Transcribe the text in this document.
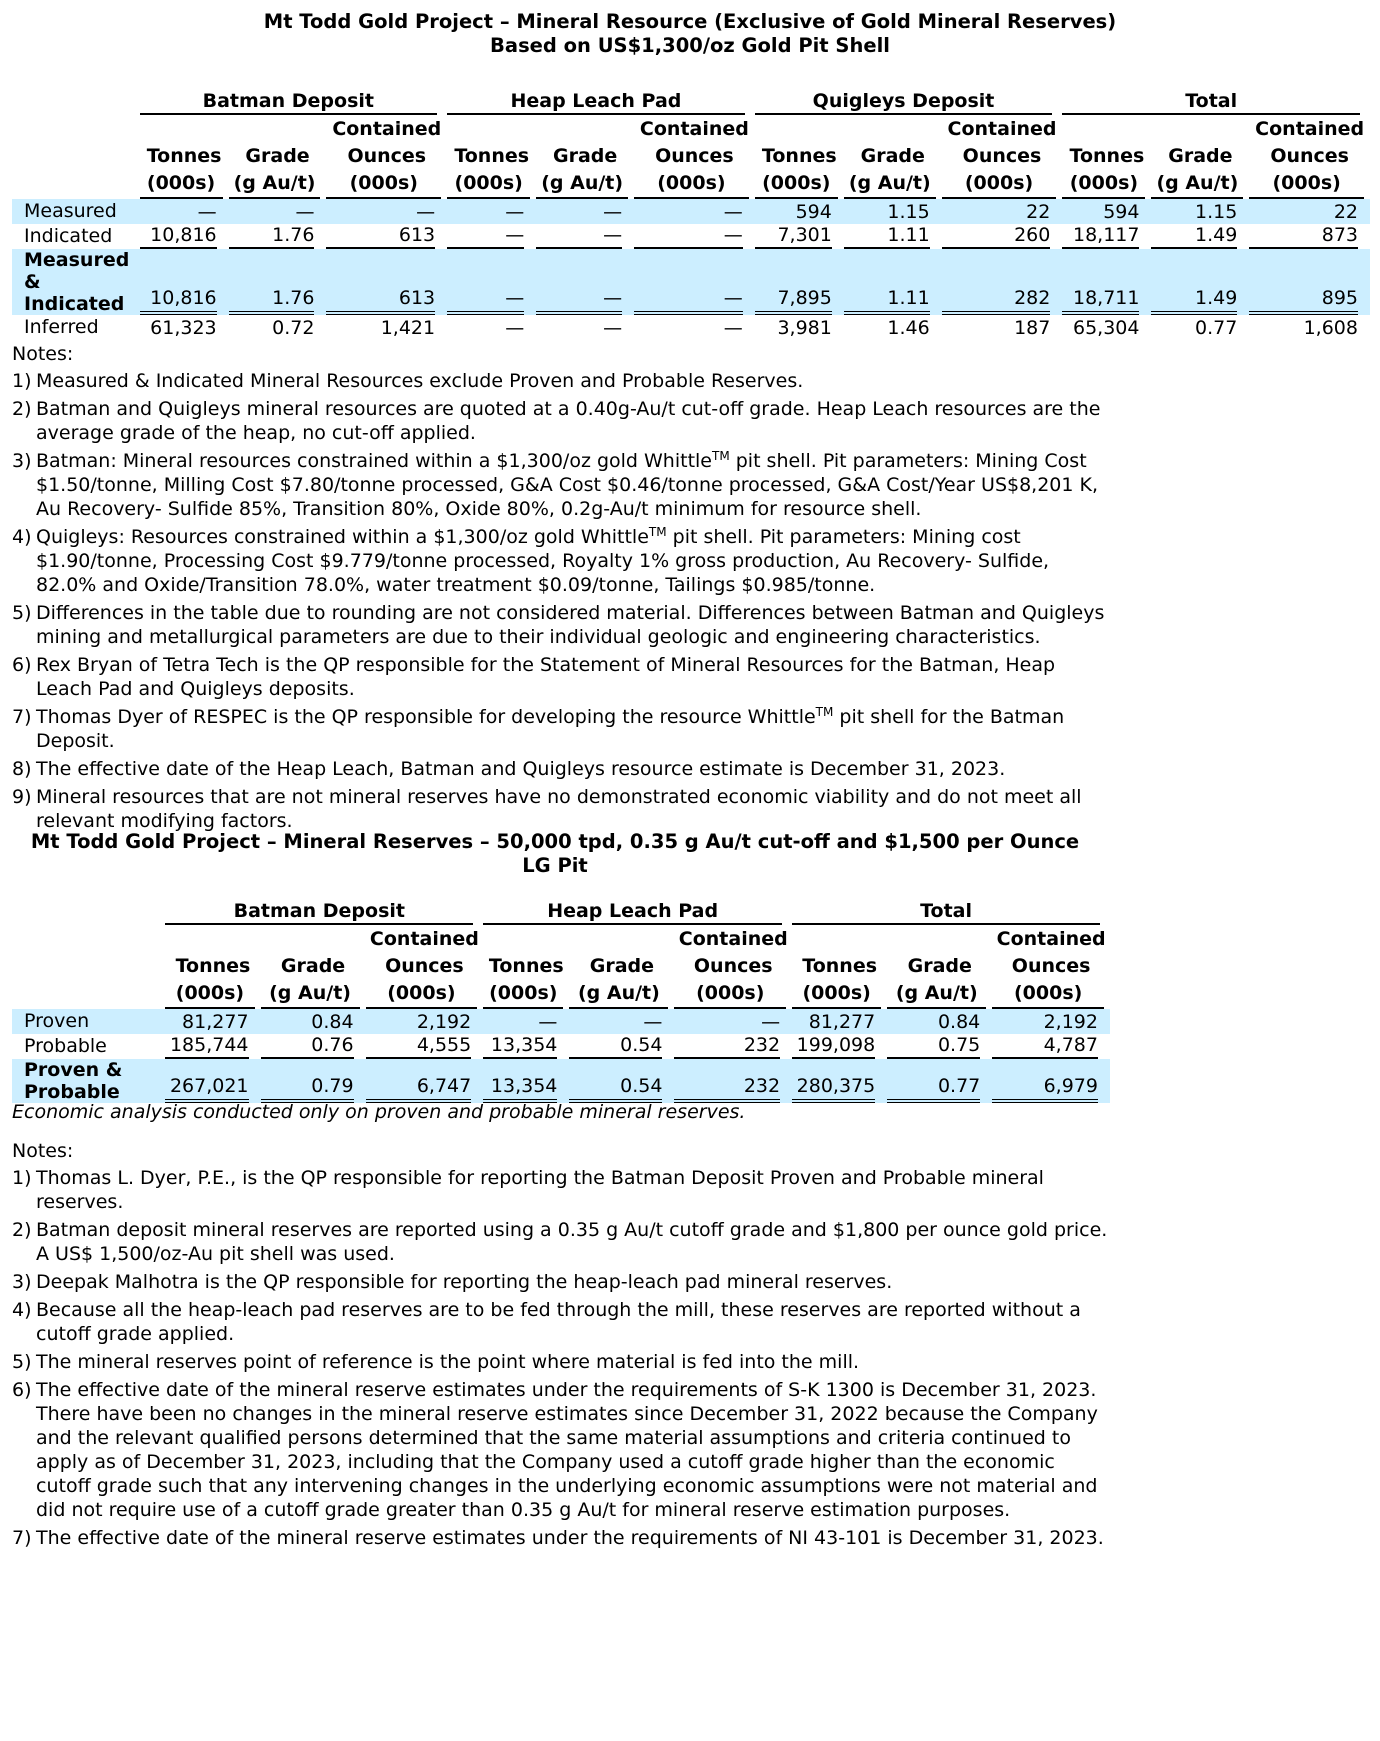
Mt Todd Gold Project – Mineral Resource (Exclusive of Gold Mineral Reserves)
Based on US$1,300/oz Gold Pit Shell

	Batman Deposit			Heap Leach Pad			Quigleys Deposit			Total		

			Contained			Contained			Contained			Contained
	Tonnes	Grade	Ounces	Tonnes	Grade	Ounces	Tonnes	Grade	Ounces	Tonnes	Grade	Ounces

	(000s)	(g Au/t)	(000s)	(000s)	(g Au/t)	(000s)	(000s)	(g Au/t)	(000s)	(000s)	(g Au/t)	(000s)

Measured	—	—	—	—	—	—	594	1.15	22	594	1.15	22

Indicated	10,816	1.76	613	—	—	—	7,301	1.11	260	18,117	1.49	873

Measured
&
Indicated	10,816	1.76	613	—	—	—	7,895	1.11	282	18,711	1.49	895

Inferred	61,323	0.72	1,421	—	—	—	3,981	1.46	187	65,304	0.77	1,608
Notes:
1) Measured & Indicated Mineral Resources exclude Proven and Probable Reserves.
2) Batman and Quigleys mineral resources are quoted at a 0.40g-Au/t cut-off grade. Heap Leach resources are the average grade of the heap, no cut-off applied.
3) Batman: Mineral resources constrained within a $1,300/oz gold Whittle™ pit shell. Pit parameters: Mining Cost $1.50/tonne, Milling Cost $7.80/tonne processed, G&A Cost $0.46/tonne processed, G&A Cost/Year US$8,201 K, Au Recovery- Sulfide 85%, Transition 80%, Oxide 80%, 0.2g-Au/t minimum for resource shell.
4) Quigleys: Resources constrained within a $1,300/oz gold Whittle™ pit shell. Pit parameters: Mining cost $1.90/tonne, Processing Cost $9.779/tonne processed, Royalty 1% gross production, Au Recovery- Sulfide, 82.0% and Oxide/Transition 78.0%, water treatment $0.09/tonne, Tailings $0.985/tonne.
5) Differences in the table due to rounding are not considered material. Differences between Batman and Quigleys mining and metallurgical parameters are due to their individual geologic and engineering characteristics.
6) Rex Bryan of Tetra Tech is the QP responsible for the Statement of Mineral Resources for the Batman, Heap Leach Pad and Quigleys deposits.
7) Thomas Dyer of RESPEC is the QP responsible for developing the resource Whittle™ pit shell for the Batman Deposit.
8) The effective date of the Heap Leach, Batman and Quigleys resource estimate is December 31, 2023.
9) Mineral resources that are not mineral reserves have no demonstrated economic viability and do not meet all relevant modifying factors.
Mt Todd Gold Project – Mineral Reserves – 50,000 tpd, 0.35 g Au/t cut-off and $1,500 per Ounce
LG Pit

	Batman Deposit			Heap Leach Pad			Total		

			Contained			Contained			Contained
	Tonnes	Grade	Ounces	Tonnes	Grade	Ounces	Tonnes	Grade	Ounces

	(000s)	(g Au/t)	(000s)	(000s)	(g Au/t)	(000s)	(000s)	(g Au/t)	(000s)

Proven	81,277	0.84	2,192	—	—	—	81,277	0.84	2,192

Probable	185,744	0.76	4,555	13,354	0.54	232	199,098	0.75	4,787

Proven &
Probable	267,021	0.79	6,747	13,354	0.54	232	280,375	0.77	6,979
Economic analysis conducted only on proven and probable mineral reserves.
Notes:
1) Thomas L. Dyer, P.E., is the QP responsible for reporting the Batman Deposit Proven and Probable mineral reserves.
2) Batman deposit mineral reserves are reported using a 0.35 g Au/t cutoff grade and $1,800 per ounce gold price. A US$ 1,500/oz-Au pit shell was used.
3) Deepak Malhotra is the QP responsible for reporting the heap-leach pad mineral reserves.
4) Because all the heap-leach pad reserves are to be fed through the mill, these reserves are reported without a cutoff grade applied.
5) The mineral reserves point of reference is the point where material is fed into the mill.
6) The effective date of the mineral reserve estimates under the requirements of S-K 1300 is December 31, 2023. There have been no changes in the mineral reserve estimates since December 31, 2022 because the Company and the relevant qualified persons determined that the same material assumptions and criteria continued to apply as of December 31, 2023, including that the Company used a cutoff grade higher than the economic cutoff grade such that any intervening changes in the underlying economic assumptions were not material and did not require use of a cutoff grade greater than 0.35 g Au/t for mineral reserve estimation purposes.
7) The effective date of the mineral reserve estimates under the requirements of NI 43-101 is December 31, 2023.
